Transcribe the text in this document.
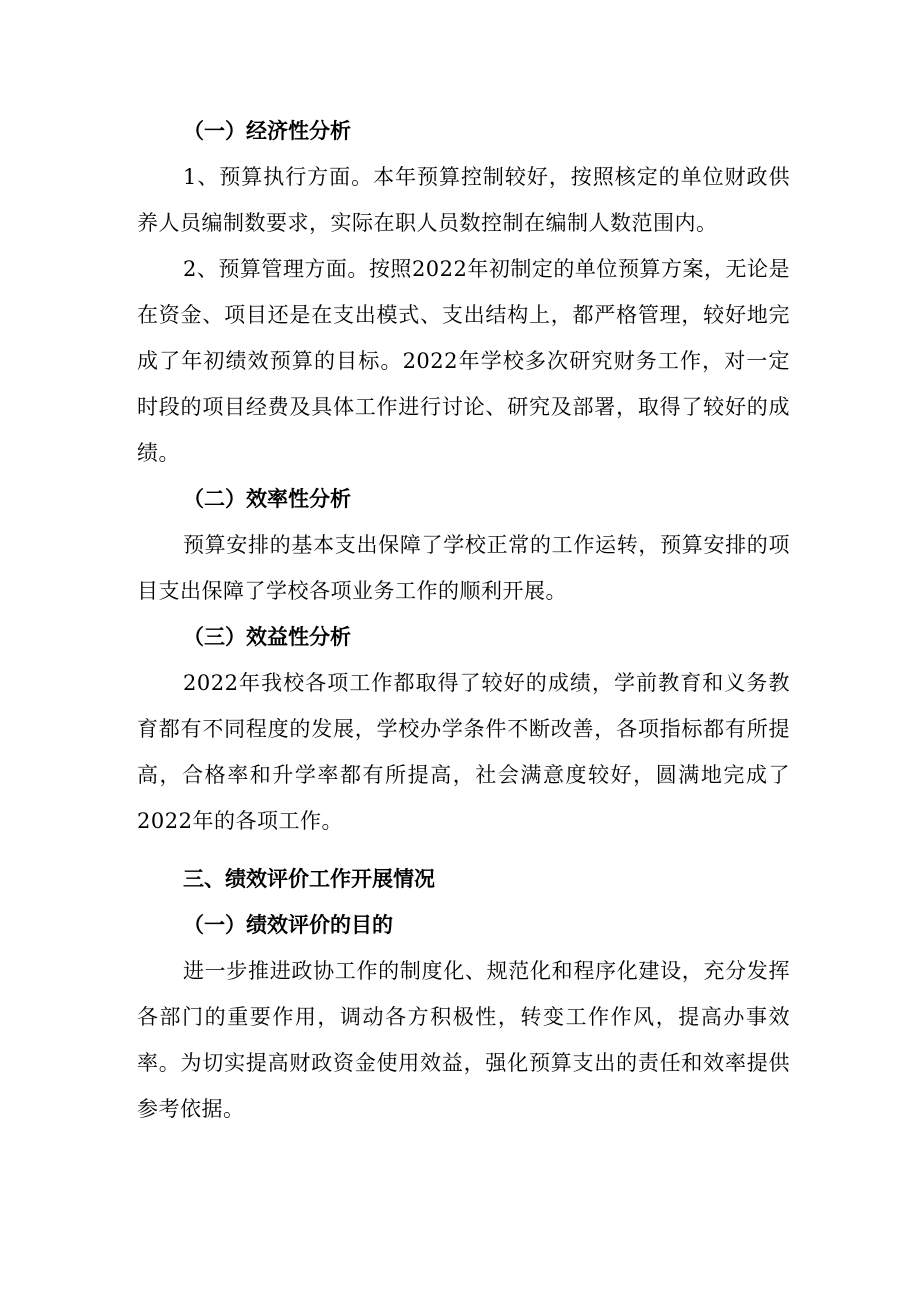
（一）经济性分析

1、预算执行方面。本年预算控制较好，按照核定的单位财政供养人员编制数要求，实际在职人员数控制在编制人数范围内。

2、预算管理方面。按照2022年初制定的单位预算方案，无论是在资金、项目还是在支出模式、支出结构上，都严格管理，较好地完成了年初绩效预算的目标。2022年学校多次研究财务工作，对一定时段的项目经费及具体工作进行讨论、研究及部署，取得了较好的成绩。

（二）效率性分析

预算安排的基本支出保障了学校正常的工作运转，预算安排的项目支出保障了学校各项业务工作的顺利开展。

（三）效益性分析

2022年我校各项工作都取得了较好的成绩，学前教育和义务教育都有不同程度的发展，学校办学条件不断改善，各项指标都有所提高，合格率和升学率都有所提高，社会满意度较好，圆满地完成了2022年的各项工作。

三、绩效评价工作开展情况
（一）绩效评价的目的

进一步推进政协工作的制度化、规范化和程序化建设，充分发挥各部门的重要作用，调动各方积极性，转变工作作风，提高办事效率。为切实提高财政资金使用效益，强化预算支出的责任和效率提供参考依据。
